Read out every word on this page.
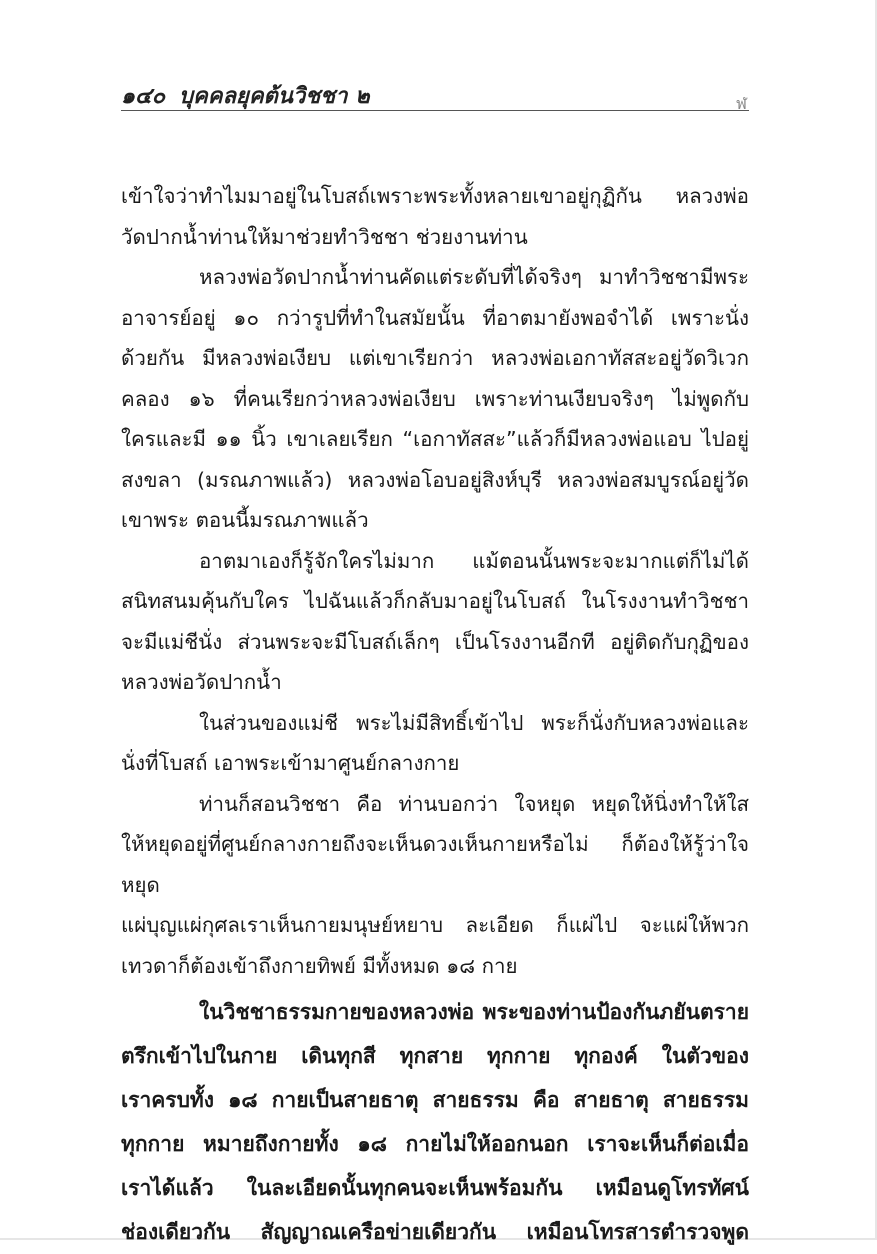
๑๔๐ บุคคลยุคต้นวิชชา ๒	ฬ

เข้าใจว่าทำไมมาอยู่ในโบสถ์เพราะพระทั้งหลายเขาอยู่กุฏิกัน หลวงพ่อ
วัดปากน้ำท่านให้มาช่วยทำวิชชา ช่วยงานท่าน

หลวงพ่อวัดปากน้ำท่านคัดแต่ระดับที่ได้จริงๆ มาทำวิชชามีพระ
อาจารย์อยู่ ๑๐ กว่ารูปที่ทำในสมัยนั้น ที่อาตมายังพอจำได้ เพราะนั่ง
ด้วยกัน มีหลวงพ่อเงียบ แต่เขาเรียกว่า หลวงพ่อเอกาทัสสะอยู่วัดวิเวก
คลอง ๑๖ ที่คนเรียกว่าหลวงพ่อเงียบ เพราะท่านเงียบจริงๆ ไม่พูดกับ
ใครและมี ๑๑ นิ้ว เขาเลยเรียก “เอกาทัสสะ”แล้วก็มีหลวงพ่อแอบ ไปอยู่
สงขลา (มรณภาพแล้ว) หลวงพ่อโอบอยู่สิงห์บุรี หลวงพ่อสมบูรณ์อยู่วัด
เขาพระ ตอนนี้มรณภาพแล้ว

อาตมาเองก็รู้จักใครไม่มาก แม้ตอนนั้นพระจะมากแต่ก็ไม่ได้
สนิทสนมคุ้นกับใคร ไปฉันแล้วก็กลับมาอยู่ในโบสถ์ ในโรงงานทำวิชชา
จะมีแม่ชีนั่ง ส่วนพระจะมีโบสถ์เล็กๆ เป็นโรงงานอีกที อยู่ติดกับกุฏิของ
หลวงพ่อวัดปากน้ำ

ในส่วนของแม่ชี พระไม่มีสิทธิ์เข้าไป พระก็นั่งกับหลวงพ่อและ
นั่งที่โบสถ์ เอาพระเข้ามาศูนย์กลางกาย

ท่านก็สอนวิชชา คือ ท่านบอกว่า ใจหยุด หยุดให้นิ่งทำให้ใส
ให้หยุดอยู่ที่ศูนย์กลางกายถึงจะเห็นดวงเห็นกายหรือไม่ ก็ต้องให้รู้ว่าใจหยุด
แผ่บุญแผ่กุศลเราเห็นกายมนุษย์หยาบ ละเอียด ก็แผ่ไป จะแผ่ให้พวก
เทวดาก็ต้องเข้าถึงกายทิพย์ มีทั้งหมด ๑๘ กาย

ในวิชชาธรรมกายของหลวงพ่อ พระของท่านป้องกันภยันตราย
ตรึกเข้าไปในกาย เดินทุกสี ทุกสาย ทุกกาย ทุกองค์ ในตัวของ
เราครบทั้ง ๑๘ กายเป็นสายธาตุ สายธรรม คือ สายธาตุ สายธรรม
ทุกกาย หมายถึงกายทั้ง ๑๘ กายไม่ให้ออกนอก เราจะเห็นก็ต่อเมื่อ
เราได้แล้ว ในละเอียดนั้นทุกคนจะเห็นพร้อมกัน เหมือนดูโทรทัศน์
ช่องเดียวกัน สัญญาณเครือข่ายเดียวกัน เหมือนโทรสารตำรวจพูด
